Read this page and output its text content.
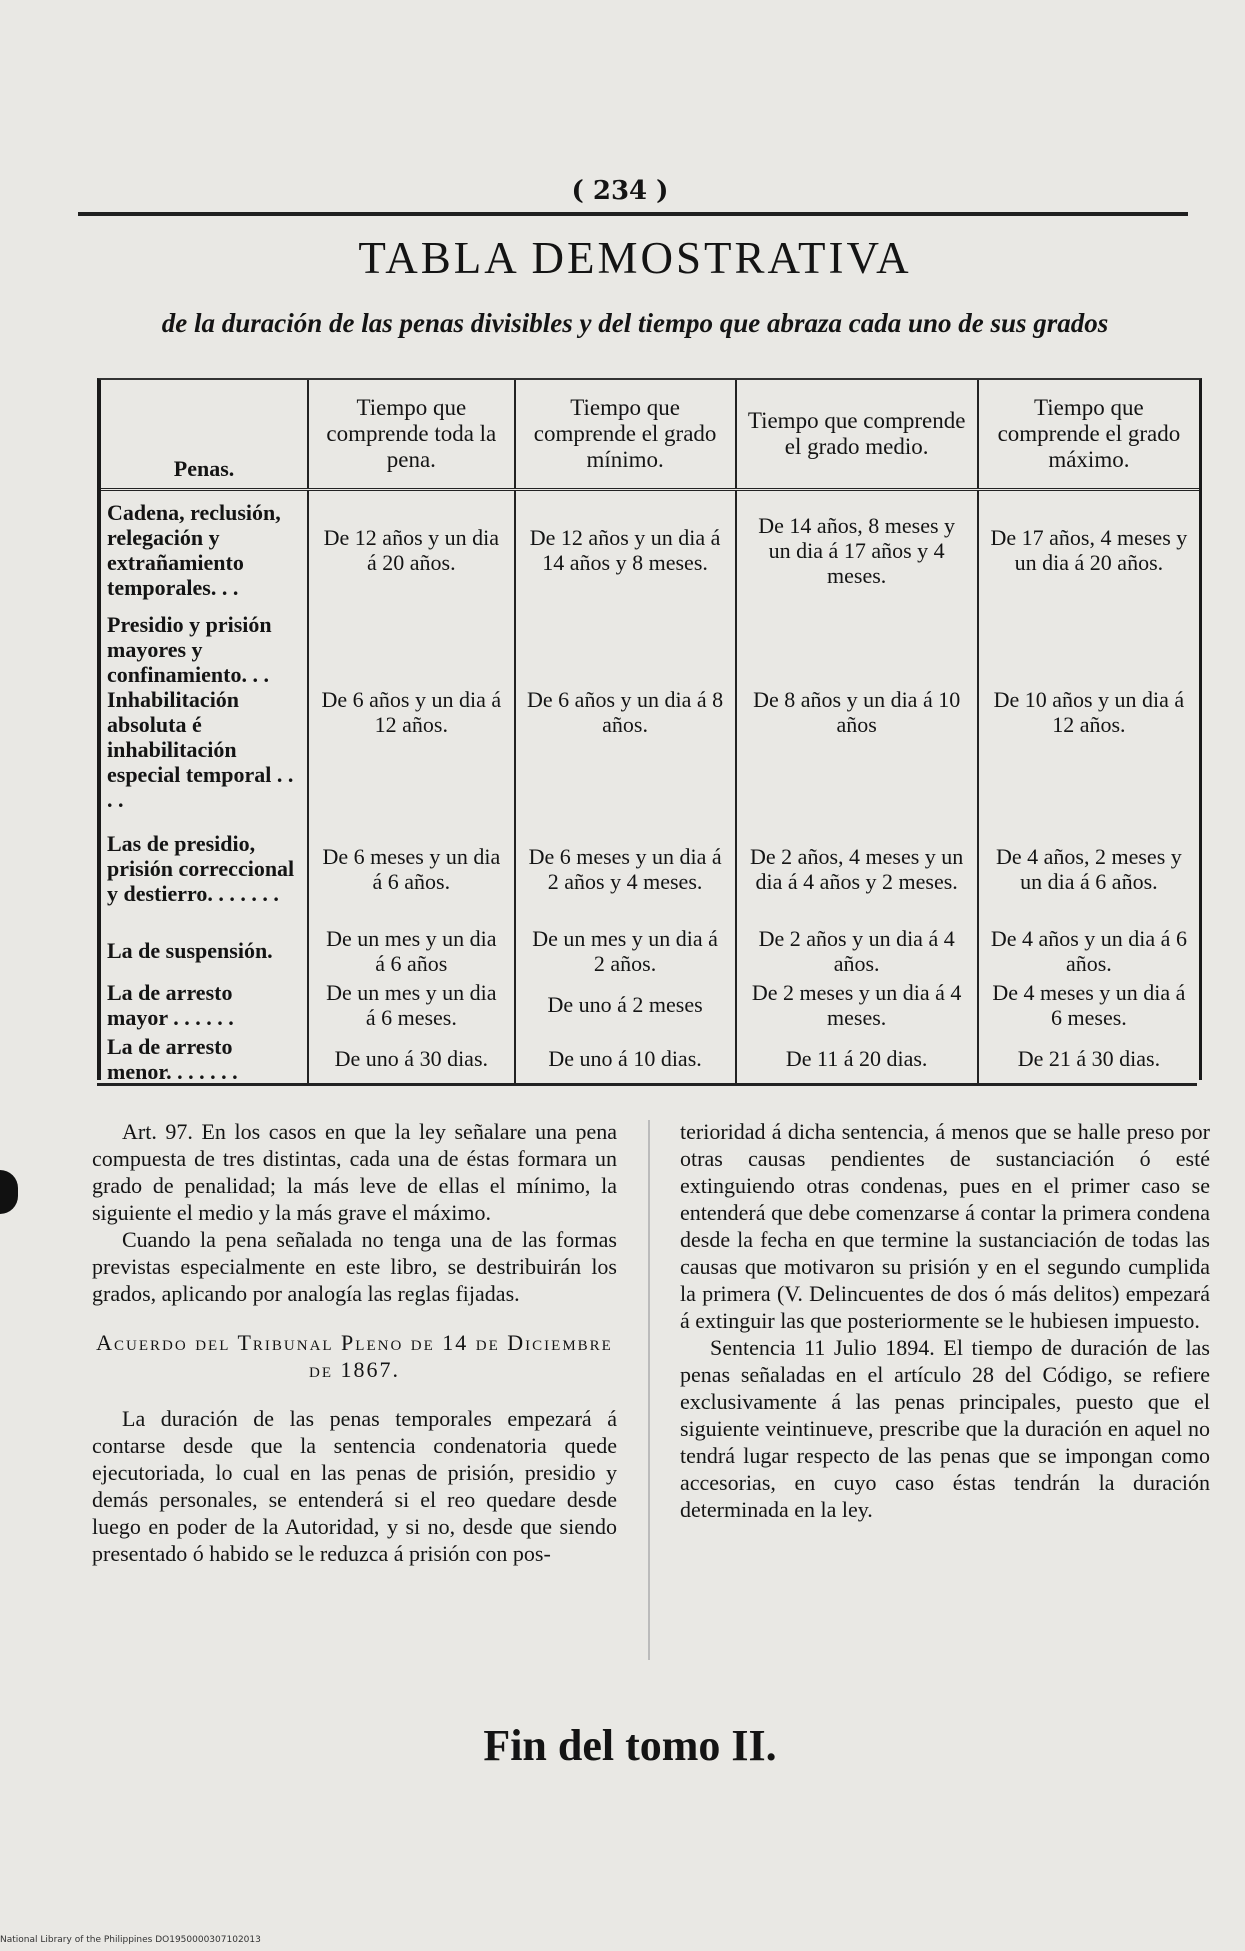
( 234 )
TABLA DEMOSTRATIVA
de la duración de las penas divisibles y del tiempo que abraza cada uno de sus grados
Penas.	Tiempo que comprende toda la pena.	Tiempo que comprende el grado mínimo.	Tiempo que comprende el grado medio.	Tiempo que comprende el grado máximo.
Cadena, reclusión, relegación y extrañamiento temporales. . .	De 12 años y un dia á 20 años.	De 12 años y un dia á 14 años y 8 meses.	De 14 años, 8 meses y un dia á 17 años y 4 meses.	De 17 años, 4 meses y un dia á 20 años.
Presidio y prisión mayores y confinamiento. . . Inhabilitación absoluta é inhabilitación especial temporal . . . .	De 6 años y un dia á 12 años.	De 6 años y un dia á 8 años.	De 8 años y un dia á 10 años	De 10 años y un dia á 12 años.
Las de presidio, prisión correccional y destierro. . . . . . .	De 6 meses y un dia á 6 años.	De 6 meses y un dia á 2 años y 4 meses.	De 2 años, 4 meses y un dia á 4 años y 2 meses.	De 4 años, 2 meses y un dia á 6 años.
La de suspensión.	De un mes y un dia á 6 años	De un mes y un dia á 2 años.	De 2 años y un dia á 4 años.	De 4 años y un dia á 6 años.
La de arresto mayor . . . . . .	De un mes y un dia á 6 meses.	De uno á 2 meses	De 2 meses y un dia á 4 meses.	De 4 meses y un dia á 6 meses.
La de arresto menor. . . . . . .	De uno á 30 dias.	De uno á 10 dias.	De 11 á 20 dias.	De 21 á 30 dias.

Art. 97. En los casos en que la ley señalare una pena compuesta de tres distintas, cada una de éstas formara un grado de penalidad; la más leve de ellas el mínimo, la siguiente el medio y la más grave el máximo.

Cuando la pena señalada no tenga una de las formas previstas especialmente en este libro, se destribuirán los grados, aplicando por analogía las reglas fijadas.

Acuerdo del Tribunal Pleno de 14 de Diciembre de 1867.

La duración de las penas temporales empezará á contarse desde que la sentencia condenatoria quede ejecutoriada, lo cual en las penas de prisión, presidio y demás personales, se entenderá si el reo quedare desde luego en poder de la Autoridad, y si no, desde que siendo presentado ó habido se le reduzca á prisión con pos-

terioridad á dicha sentencia, á menos que se halle preso por otras causas pendientes de sustanciación ó esté extinguiendo otras condenas, pues en el primer caso se entenderá que debe comenzarse á contar la primera condena desde la fecha en que termine la sustanciación de todas las causas que motivaron su prisión y en el segundo cumplida la primera (V. Delincuentes de dos ó más delitos) empezará á extinguir las que posteriormente se le hubiesen impuesto.

Sentencia 11 Julio 1894. El tiempo de duración de las penas señaladas en el artículo 28 del Código, se refiere exclusivamente á las penas principales, puesto que el siguiente veintinueve, prescribe que la duración en aquel no tendrá lugar respecto de las penas que se impongan como accesorias, en cuyo caso éstas tendrán la duración determinada en la ley.

Fin del tomo II.
National Library of the Philippines DO1950000307102013
